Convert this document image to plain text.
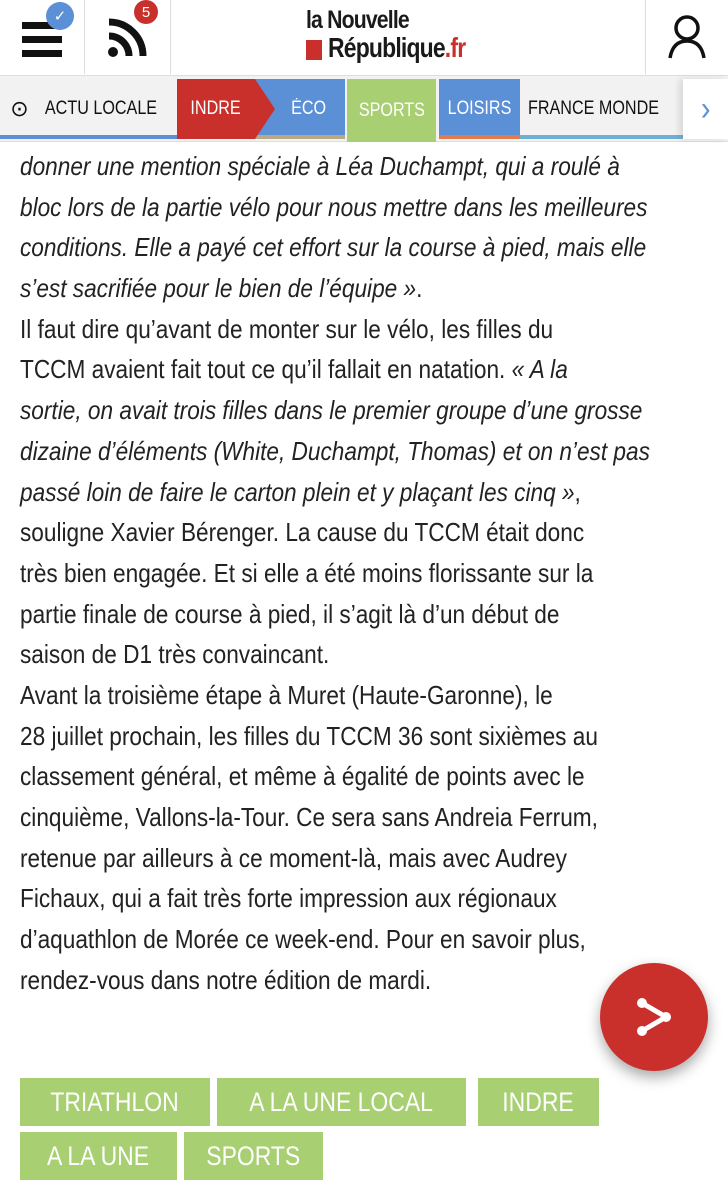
✓	5	la Nouvelle
République.fr
⊙ ACTU LOCALE INDRE	ÉCO SPORTS LOISIRS FRANCE MONDE ›
donner une mention spéciale à Léa Duchampt, qui a roulé à
bloc lors de la partie vélo pour nous mettre dans les meilleures
conditions. Elle a payé cet effort sur la course à pied, mais elle
s’est sacrifiée pour le bien de l’équipe ».
Il faut dire qu’avant de monter sur le vélo, les filles du
TCCM avaient fait tout ce qu’il fallait en natation. « A la
sortie, on avait trois filles dans le premier groupe d’une grosse
dizaine d’éléments (White, Duchampt, Thomas) et on n’est pas
passé loin de faire le carton plein et y plaçant les cinq »,
souligne Xavier Bérenger. La cause du TCCM était donc
très bien engagée. Et si elle a été moins florissante sur la
partie finale de course à pied, il s’agit là d’un début de
saison de D1 très convaincant.
Avant la troisième étape à Muret (Haute-Garonne), le
28 juillet prochain, les filles du TCCM 36 sont sixièmes au
classement général, et même à égalité de points avec le
cinquième, Vallons-la-Tour. Ce sera sans Andreia Ferrum,
retenue par ailleurs à ce moment-là, mais avec Audrey
Fichaux, qui a fait très forte impression aux régionaux
d’aquathlon de Morée ce week-end. Pour en savoir plus,
rendez-vous dans notre édition de mardi.
TRIATHLON	A LA UNE LOCAL	INDRE
A LA UNE SPORTS
